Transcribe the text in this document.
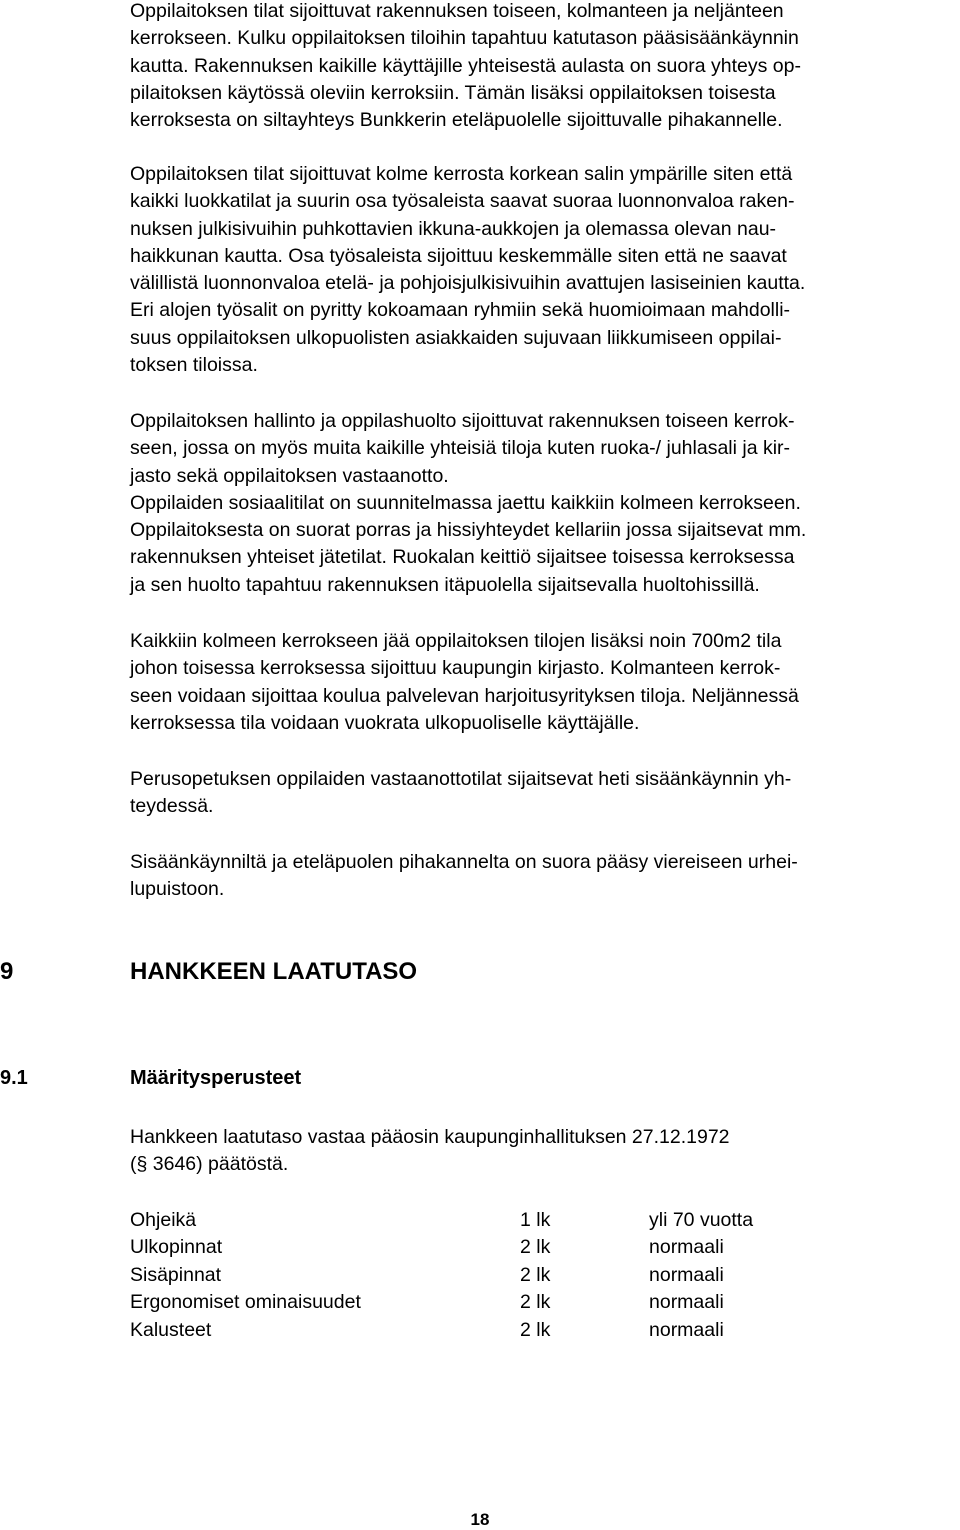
Oppilaitoksen tilat sijoittuvat rakennuksen toiseen, kolmanteen ja neljänteen
kerrokseen. Kulku oppilaitoksen tiloihin tapahtuu katutason pääsisäänkäynnin
kautta. Rakennuksen kaikille käyttäjille yhteisestä aulasta on suora yhteys op-
pilaitoksen käytössä oleviin kerroksiin. Tämän lisäksi oppilaitoksen toisesta
kerroksesta on siltayhteys Bunkkerin eteläpuolelle sijoittuvalle pihakannelle.
Oppilaitoksen tilat sijoittuvat kolme kerrosta korkean salin ympärille siten että
kaikki luokkatilat ja suurin osa työsaleista saavat suoraa luonnonvaloa raken-
nuksen julkisivuihin puhkottavien ikkuna-aukkojen ja olemassa olevan nau-
haikkunan kautta. Osa työsaleista sijoittuu keskemmälle siten että ne saavat
välillistä luonnonvaloa etelä- ja pohjoisjulkisivuihin avattujen lasiseinien kautta.
Eri alojen työsalit on pyritty kokoamaan ryhmiin sekä huomioimaan mahdolli-
suus oppilaitoksen ulkopuolisten asiakkaiden sujuvaan liikkumiseen oppilai-
toksen tiloissa.
Oppilaitoksen hallinto ja oppilashuolto sijoittuvat rakennuksen toiseen kerrok-
seen, jossa on myös muita kaikille yhteisiä tiloja kuten ruoka-/ juhlasali ja kir-
jasto sekä oppilaitoksen vastaanotto.
Oppilaiden sosiaalitilat on suunnitelmassa jaettu kaikkiin kolmeen kerrokseen.
Oppilaitoksesta on suorat porras ja hissiyhteydet kellariin jossa sijaitsevat mm.
rakennuksen yhteiset jätetilat. Ruokalan keittiö sijaitsee toisessa kerroksessa
ja sen huolto tapahtuu rakennuksen itäpuolella sijaitsevalla huoltohissillä.
Kaikkiin kolmeen kerrokseen jää oppilaitoksen tilojen lisäksi noin 700m2 tila
johon toisessa kerroksessa sijoittuu kaupungin kirjasto. Kolmanteen kerrok-
seen voidaan sijoittaa koulua palvelevan harjoitusyrityksen tiloja. Neljännessä
kerroksessa tila voidaan vuokrata ulkopuoliselle käyttäjälle.
Perusopetuksen oppilaiden vastaanottotilat sijaitsevat heti sisäänkäynnin yh-
teydessä.
Sisäänkäynniltä ja eteläpuolen pihakannelta on suora pääsy viereiseen urhei-
lupuistoon.
9	HANKKEEN LAATUTASO
9.1	Määritysperusteet
Hankkeen laatutaso vastaa pääosin kaupunginhallituksen 27.12.1972
(§ 3646) päätöstä.
Ohjeikä	1 lk	yli 70 vuotta
Ulkopinnat	2 lk	normaali
Sisäpinnat	2 lk	normaali
Ergonomiset ominaisuudet	2 lk	normaali
Kalusteet	2 lk	normaali
18
